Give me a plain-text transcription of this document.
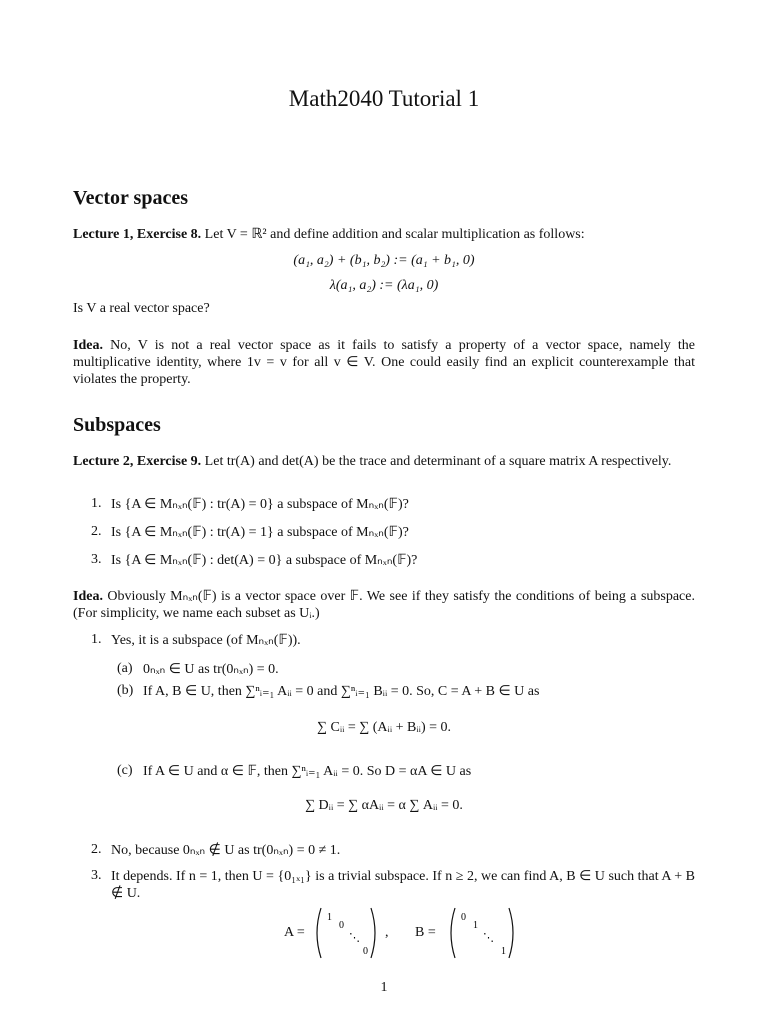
Math2040 Tutorial 1
Vector spaces
Lecture 1, Exercise 8. Let V = ℝ² and define addition and scalar multiplication as follows:
(a₁, a₂) + (b₁, b₂) := (a₁ + b₁, 0)
λ(a₁, a₂) := (λa₁, 0)
Is V a real vector space?
Idea. No, V is not a real vector space as it fails to satisfy a property of a vector space, namely the multiplicative identity, where 1v = v for all v ∈ V. One could easily find an explicit counterexample that violates the property.
Subspaces
Lecture 2, Exercise 9. Let tr(A) and det(A) be the trace and determinant of a square matrix A respectively.
1. Is {A ∈ Mₙₓₙ(𝔽) : tr(A) = 0} a subspace of Mₙₓₙ(𝔽)?
2. Is {A ∈ Mₙₓₙ(𝔽) : tr(A) = 1} a subspace of Mₙₓₙ(𝔽)?
3. Is {A ∈ Mₙₓₙ(𝔽) : det(A) = 0} a subspace of Mₙₓₙ(𝔽)?
Idea. Obviously Mₙₓₙ(𝔽) is a vector space over 𝔽. We see if they satisfy the conditions of being a subspace. (For simplicity, we name each subset as Uᵢ.)
1. Yes, it is a subspace (of Mₙₓₙ(𝔽)).
(a) 0ₙₓₙ ∈ U as tr(0ₙₓₙ) = 0.
(b) If A, B ∈ U, then ∑ⁿᵢ₌₁ Aᵢᵢ = 0 and ∑ⁿᵢ₌₁ Bᵢᵢ = 0. So, C = A + B ∈ U as
∑ Cᵢᵢ = ∑ (Aᵢᵢ + Bᵢᵢ) = 0.
(c) If A ∈ U and α ∈ 𝔽, then ∑ⁿᵢ₌₁ Aᵢᵢ = 0. So D = αA ∈ U as
∑ Dᵢᵢ = ∑ αAᵢᵢ = α ∑ Aᵢᵢ = 0.
2. No, because 0ₙₓₙ ∉ U as tr(0ₙₓₙ) = 0 ≠ 1.
3. It depends. If n = 1, then U = {0₁ₓ₁} is a trivial subspace. If n ≥ 2, we can find A, B ∈ U such that A + B ∉ U.
A =
1
0
⋱
0
, B =
0
1
⋱
1
1
